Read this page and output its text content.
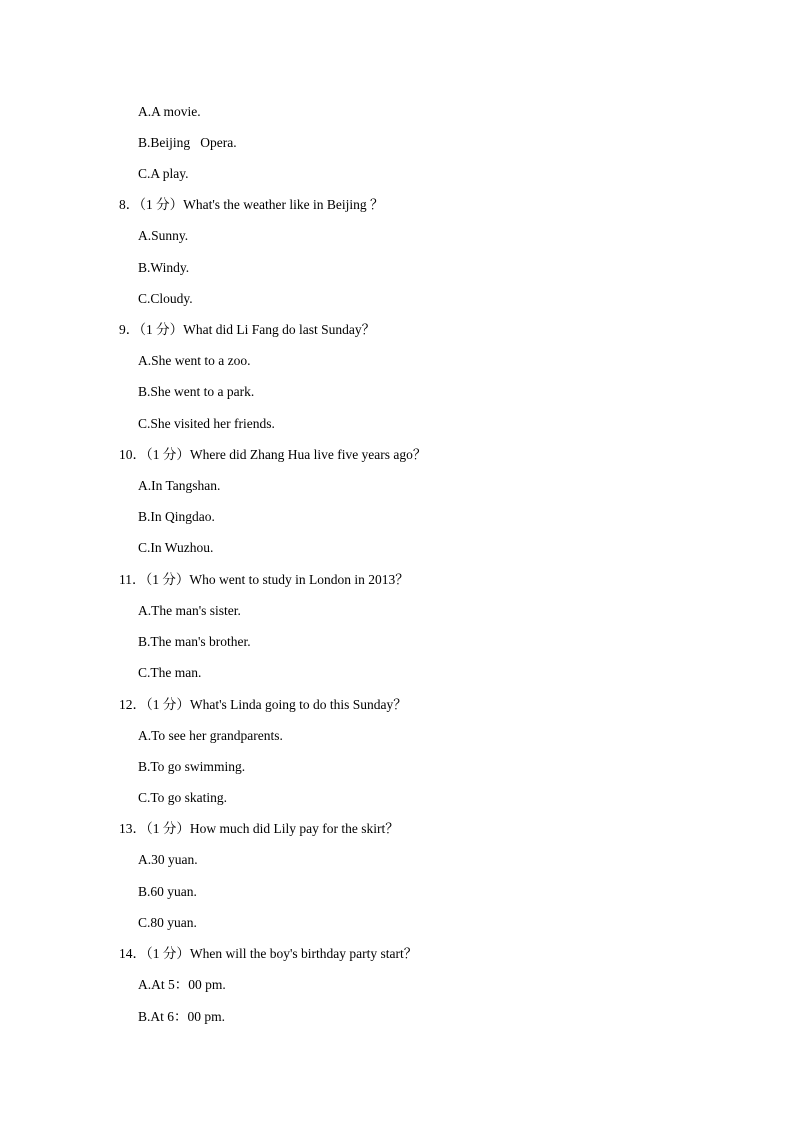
A.A movie.
B.Beijing   Opera.
C.A play.
8．（1 分）What's the weather like in Beijing ？
A.Sunny.
B.Windy.
C.Cloudy.
9．（1 分）What did Li Fang do last Sunday？
A.She went to a zoo.
B.She went to a park.
C.She visited her friends.
10．（1 分）Where did Zhang Hua live five years ago？
A.In Tangshan.
B.In Qingdao.
C.In Wuzhou.
11．（1 分）Who went to study in London in 2013？
A.The man's sister.
B.The man's brother.
C.The man.
12．（1 分）What's Linda going to do this Sunday？
A.To see her grandparents.
B.To go swimming.
C.To go skating.
13．（1 分）How much did Lily pay for the skirt？
A.30 yuan.
B.60 yuan.
C.80 yuan.
14．（1 分）When will the boy's birthday party start？
A.At 5：00 pm.
B.At 6：00 pm.
